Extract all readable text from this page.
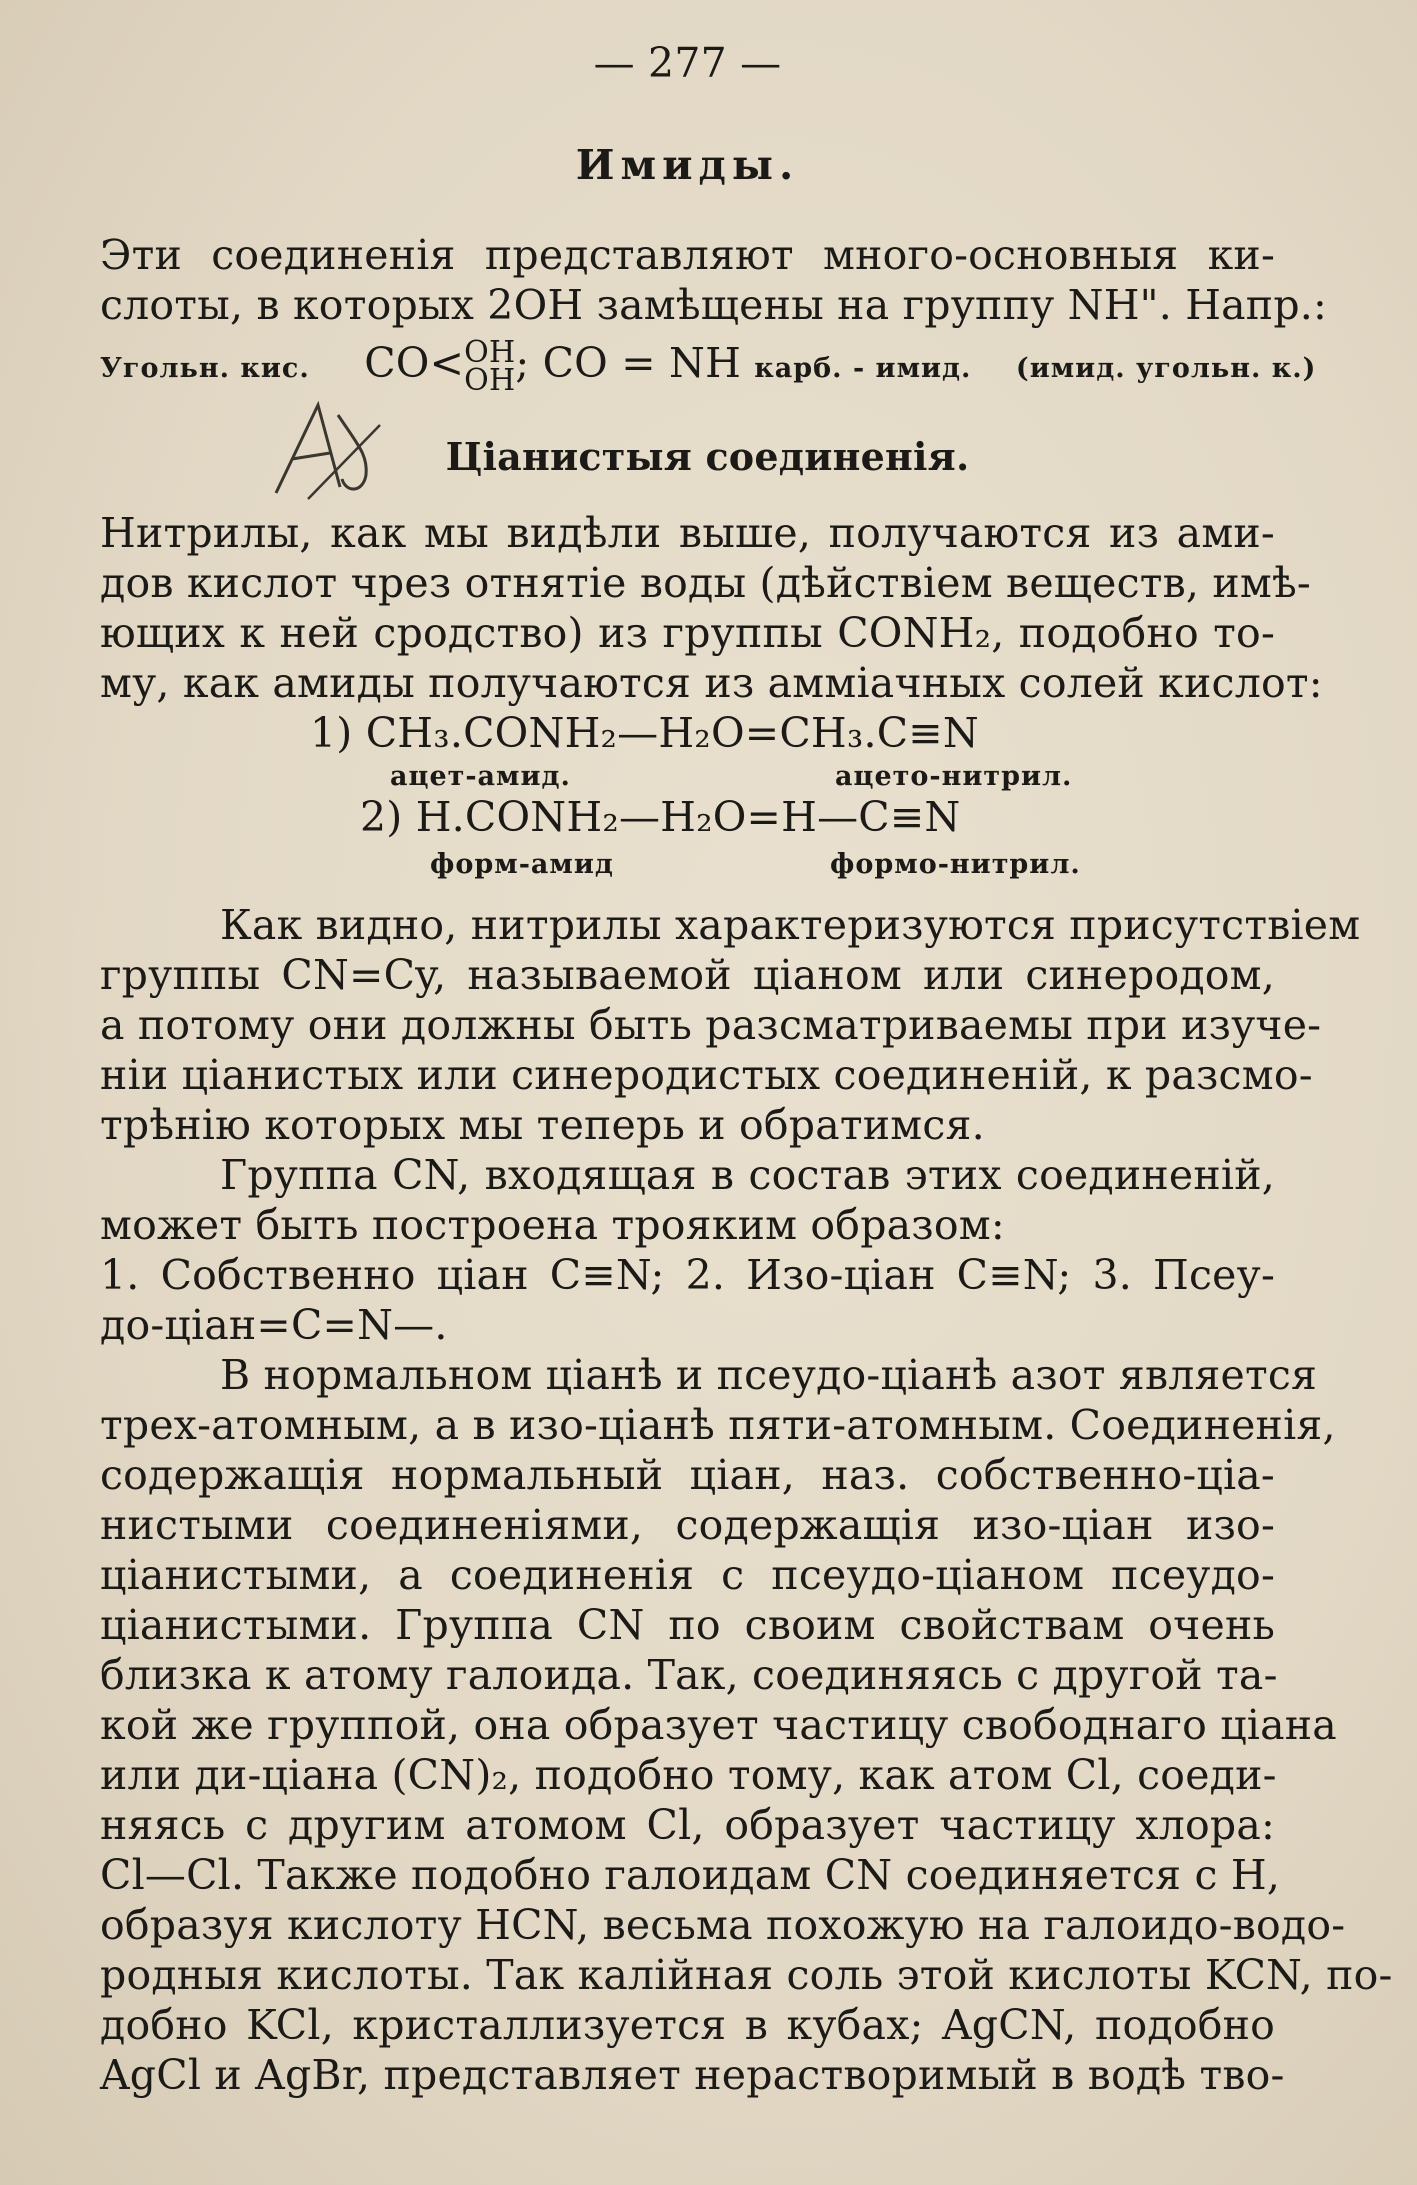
— 277 —
Имиды.
Эти соединенія представляют много-основныя ки-
слоты, в которых 2ОН замѣщены на группу NH". Напр.:
Угольн. кис. CO<OH
OH; CO = NH карб. - имид. (имид. угольн. к.)
Ab	Ціанистыя соединенія.
Нитрилы, как мы видѣли выше, получаются из ами-
дов кислот чрез отнятіе воды (дѣйствіем веществ, имѣ-
ющих к ней сродство) из группы CONH₂, подобно то-
му, как амиды получаются из аммiачных солей кислот:
1) CH₃.CONH₂—H₂O=CH₃.C≡N
ацет-амид.	ацето-нитрил.
2) H.CONH₂—H₂O=H—C≡N
форм-амид	формо-нитрил.
Как видно, нитрилы характеризуются присутствіем
группы CN=Cy, называемой ціаном или синеродом,
а потому они должны быть разсматриваемы при изуче-
ніи ціанистых или синеродистых соединеній, к разсмо-
трѣнію которых мы теперь и обратимся.
Группа CN, входящая в состав этих соединеній,
может быть построена трояким образом:
1. Собственно ціан C≡N; 2. Изо-ціан C≡N; 3. Псеу-
до-ціан=C=N—.
В нормальном ціанѣ и псеудо-ціанѣ азот является
трех-атомным, а в изо-ціанѣ пяти-атомным. Соединенія,
содержащія нормальный ціан, наз. собственно-ціа-
нистыми соединеніями, содержащія изо-ціан изо-
ціанистыми, а соединенія с псеудо-ціаном псеудо-
ціанистыми. Группа CN по своим свойствам очень
близка к атому галоида. Так, соединяясь с другой та-
кой же группой, она образует частицу свободнаго ціана
или ди-ціана (CN)₂, подобно тому, как атом Cl, соеди-
няясь с другим атомом Cl, образует частицу хлора:
Cl—Cl. Также подобно галоидам CN соединяется с H,
образуя кислоту HCN, весьма похожую на галоидо-водо-
родныя кислоты. Так калійная соль этой кислоты KCN, по-
добно KCl, кристаллизуется в кубах; AgCN, подобно
AgCl и AgBr, представляет нерастворимый в водѣ тво-
